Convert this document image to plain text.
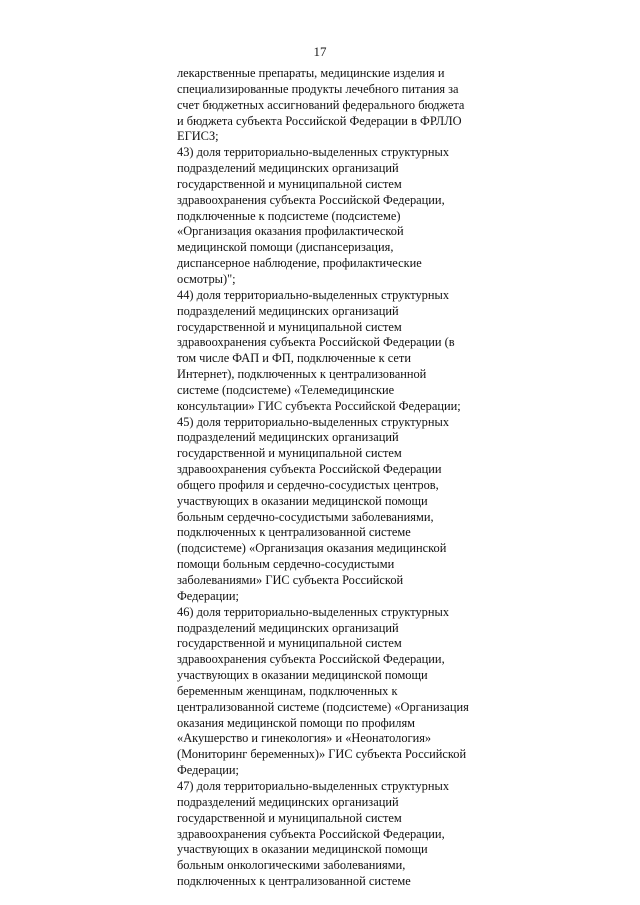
17
лекарственные препараты, медицинские изделия и
специализированные продукты лечебного питания за
счет бюджетных ассигнований федерального бюджета
и бюджета субъекта Российской Федерации в ФРЛЛО
ЕГИСЗ;
43) доля территориально-выделенных структурных
подразделений медицинских организаций
государственной и муниципальной систем
здравоохранения субъекта Российской Федерации,
подключенные к подсистеме (подсистеме)
«Организация оказания профилактической
медицинской помощи (диспансеризация,
диспансерное наблюдение, профилактические
осмотры)";
44) доля территориально-выделенных структурных
подразделений медицинских организаций
государственной и муниципальной систем
здравоохранения субъекта Российской Федерации (в
том числе ФАП и ФП, подключенные к сети
Интернет), подключенных к централизованной
системе (подсистеме) «Телемедицинские
консультации» ГИС субъекта Российской Федерации;
45) доля территориально-выделенных структурных
подразделений медицинских организаций
государственной и муниципальной систем
здравоохранения субъекта Российской Федерации
общего профиля и сердечно-сосудистых центров,
участвующих в оказании медицинской помощи
больным сердечно-сосудистыми заболеваниями,
подключенных к централизованной системе
(подсистеме) «Организация оказания медицинской
помощи больным сердечно-сосудистыми
заболеваниями» ГИС субъекта Российской
Федерации;
46) доля территориально-выделенных структурных
подразделений медицинских организаций
государственной и муниципальной систем
здравоохранения субъекта Российской Федерации,
участвующих в оказании медицинской помощи
беременным женщинам, подключенных к
централизованной системе (подсистеме) «Организация
оказания медицинской помощи по профилям
«Акушерство и гинекология» и «Неонатология»
(Мониторинг беременных)» ГИС субъекта Российской
Федерации;
47) доля территориально-выделенных структурных
подразделений медицинских организаций
государственной и муниципальной систем
здравоохранения субъекта Российской Федерации,
участвующих в оказании медицинской помощи
больным онкологическими заболеваниями,
подключенных к централизованной системе
